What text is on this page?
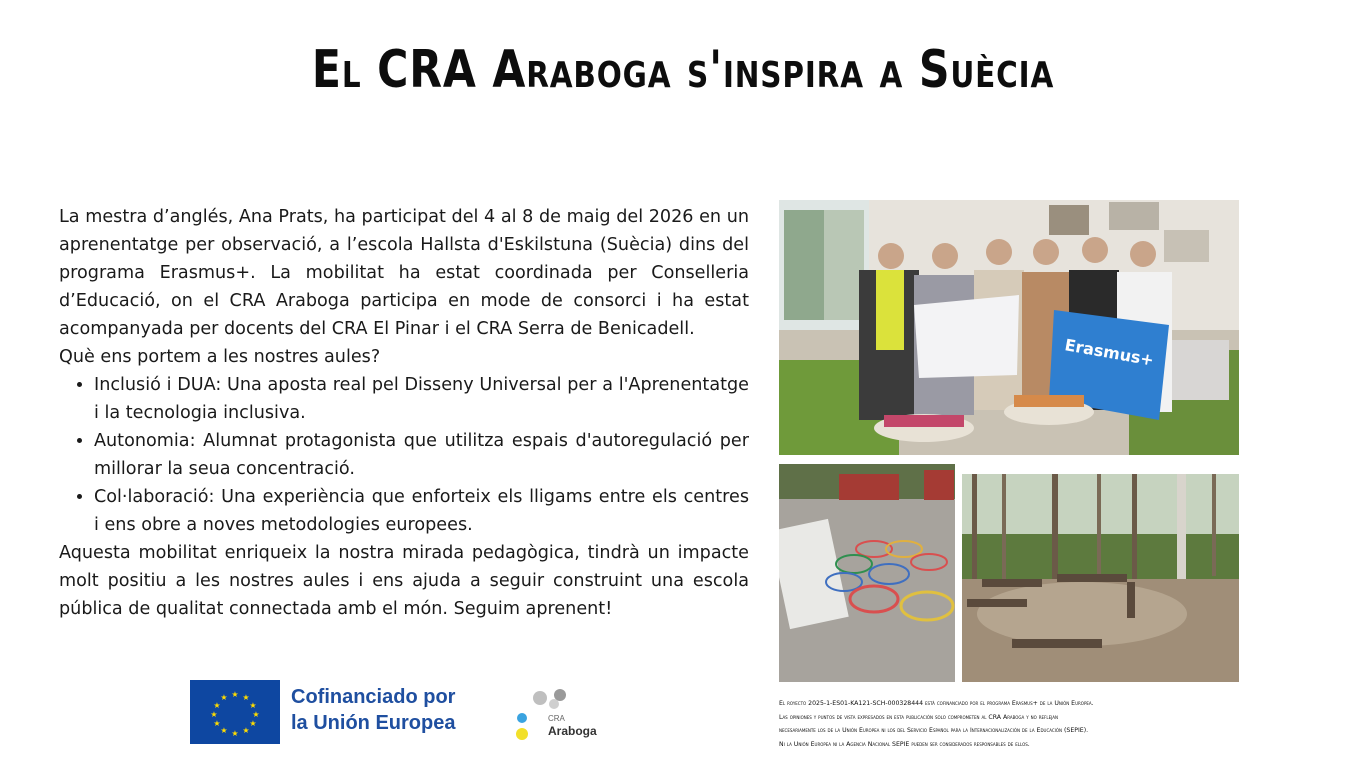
El CRA Araboga s'inspira a Suècia

La mestra d’anglés, Ana Prats, ha participat del 4 al 8 de maig del 2026 en un aprenentatge per observació, a l’escola Hallsta d'Eskilstuna (Suècia) dins del programa Erasmus+. La mobilitat ha estat coordinada per Conselleria d’Educació, on el CRA Araboga participa en mode de consorci i ha estat acompanyada per docents del CRA El Pinar i el CRA Serra de Benicadell.

Què ens portem a les nostres aules?

• Inclusió i DUA: Una aposta real pel Disseny Universal per a l'Aprenentatge i la tecnologia inclusiva.
• Autonomia: Alumnat protagonista que utilitza espais d'autoregulació per millorar la seua concentració.
• Col·laboració: Una experiència que enforteix els lligams entre els centres i ens obre a noves metodologies europees.

Aquesta mobilitat enriqueix la nostra mirada pedagògica, tindrà un impacte molt positiu a les nostres aules i ens ajuda a seguir construint una escola pública de qualitat connectada amb el món. Seguim aprenent!

Erasmus+
★ ★
★
★
★
★
★
★
★
★
★
★	Cofinanciado por
la Unión Europea	CRA
Araboga
El royecto 2025-1-ES01-KA121-SCH-000328444 está cofinanciado por el programa Erasmus+ de la Unión Europea.
Las opiniones y puntos de vista expresados en esta publicación solo comprometen al CRA Araboga y no reflejan
necesariamente los de la Unión Europea ni los del Servicio Español para la Internacionalización de la Educación (SEPIE).
Ni la Unión Europea ni la Agencia Nacional SEPIE pueden ser considerados responsables de ellos.
